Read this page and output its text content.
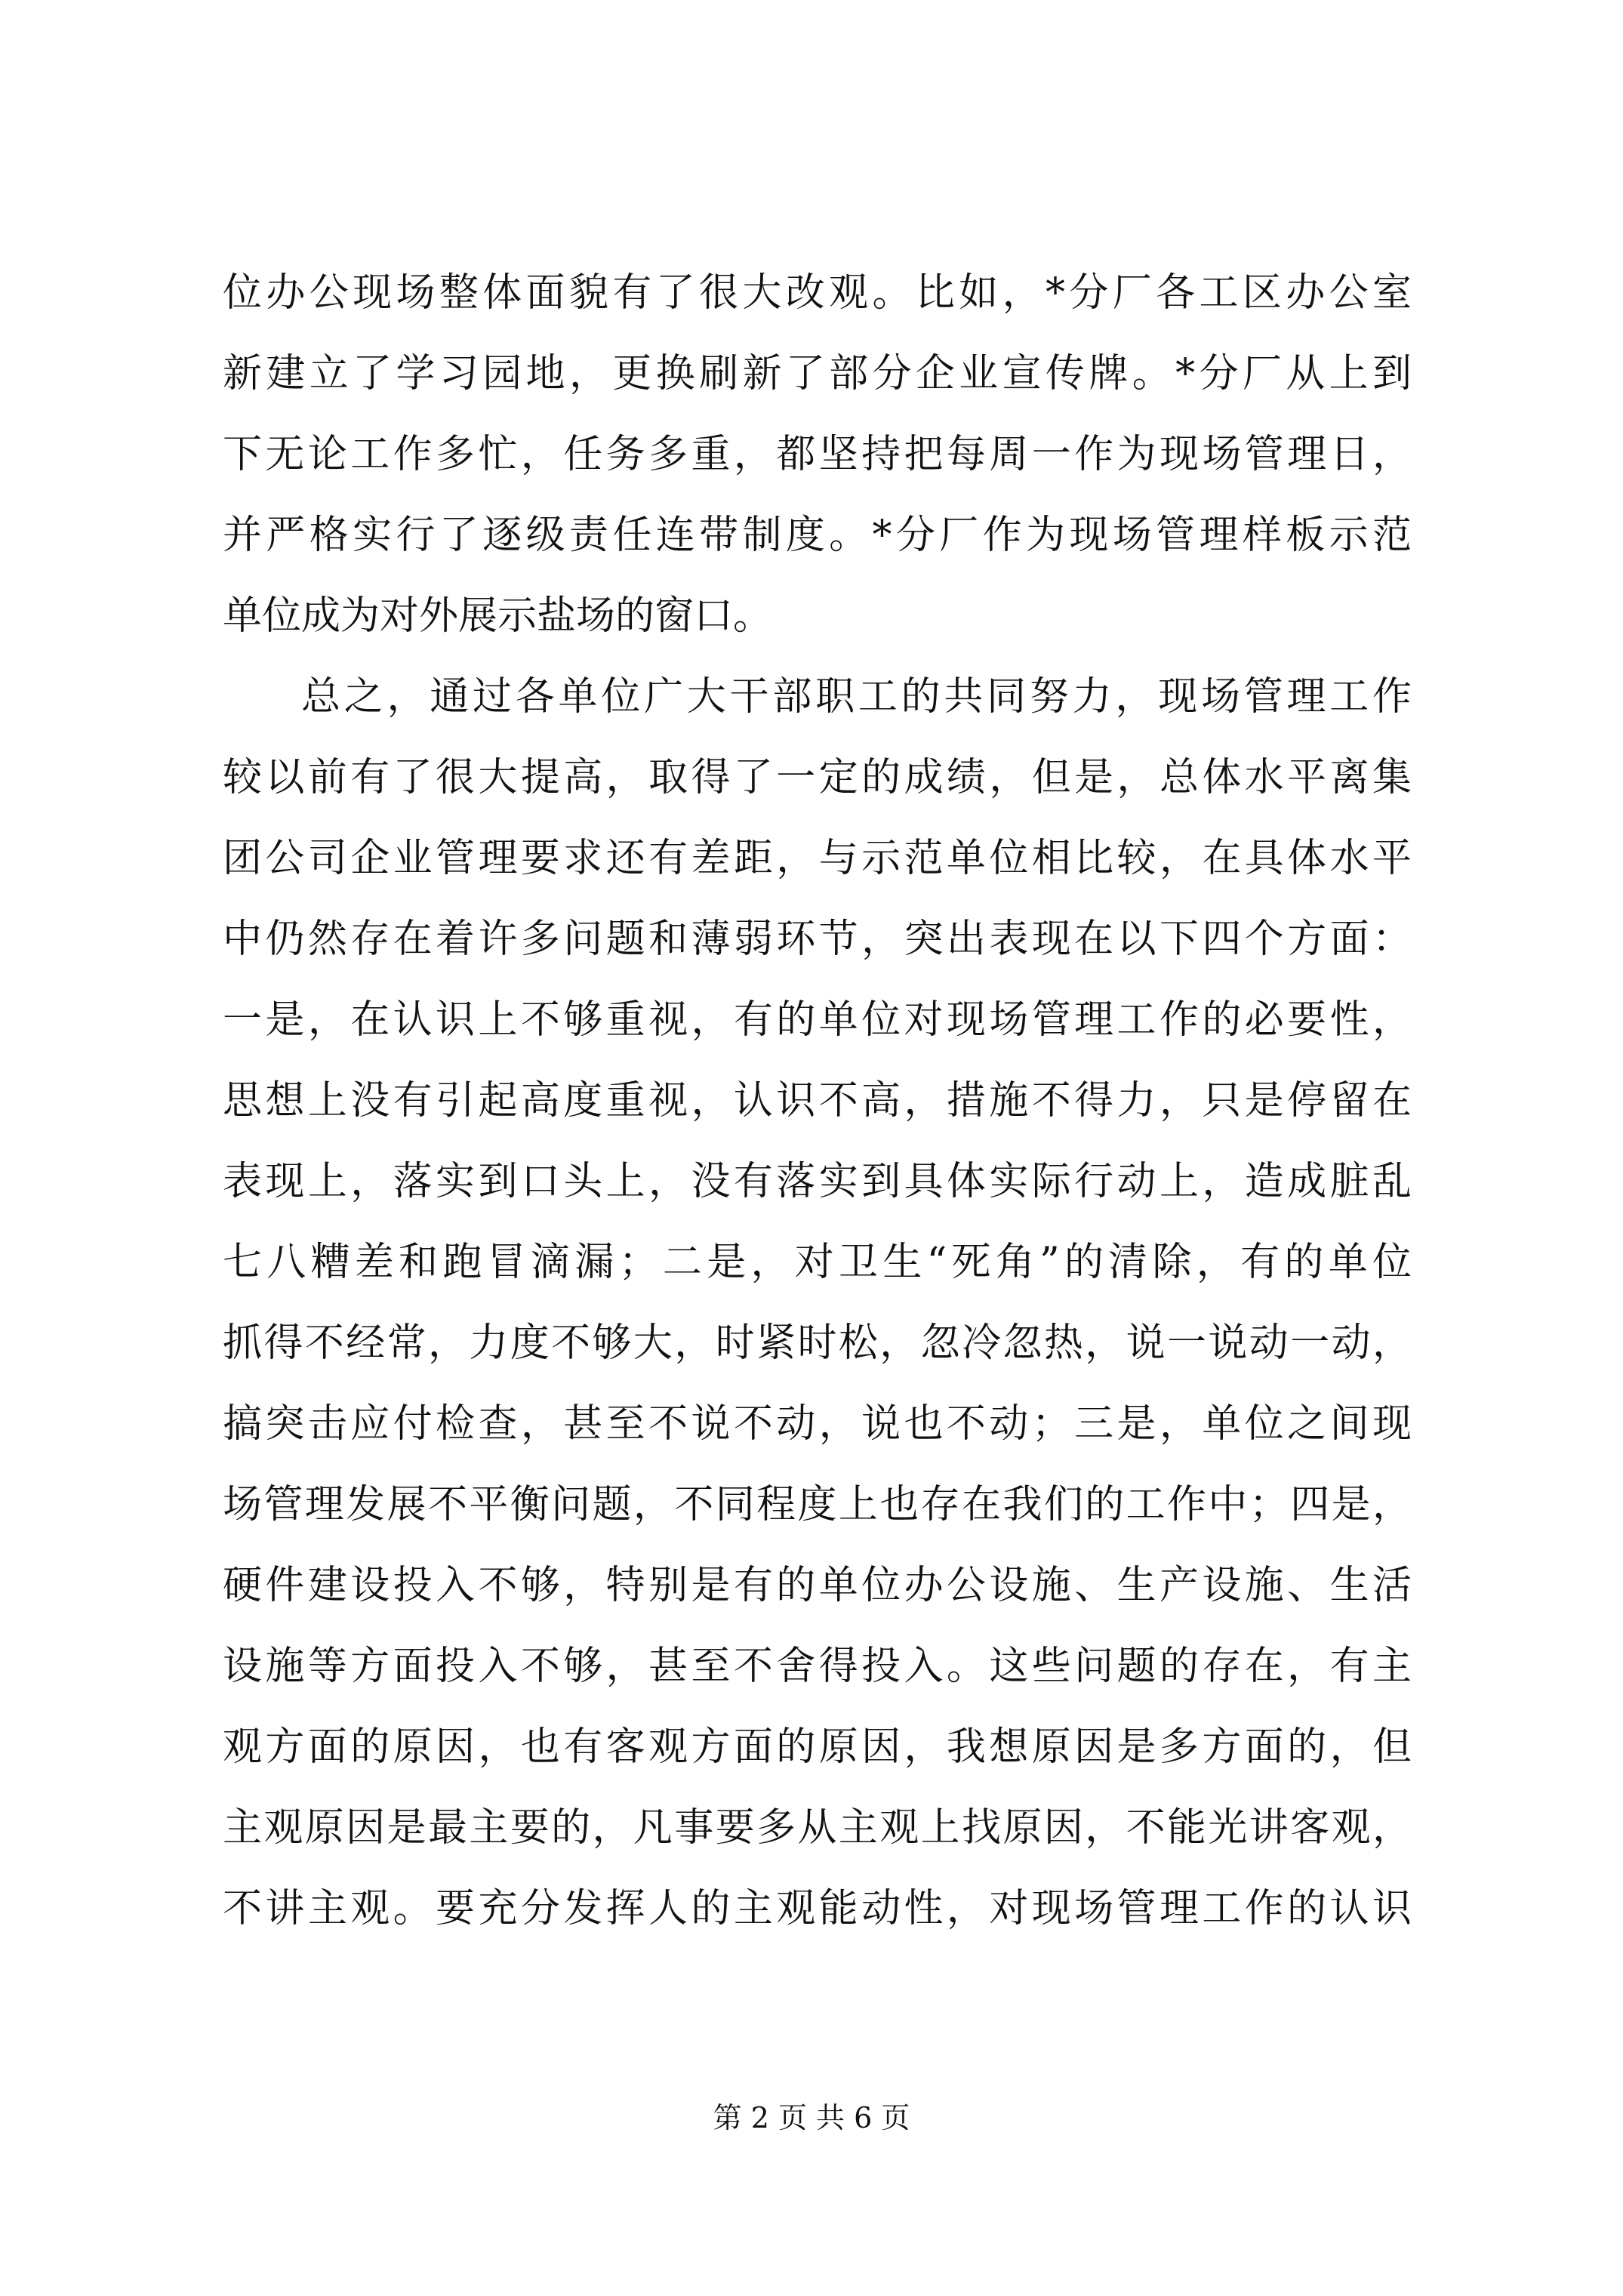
位办公现场整体面貌有了很大改观。比如，*分厂各工区办公室
新建立了学习园地，更换刷新了部分企业宣传牌。*分厂从上到
下无论工作多忙，任务多重，都坚持把每周一作为现场管理日，
并严格实行了逐级责任连带制度。*分厂作为现场管理样板示范
单位成为对外展示盐场的窗口。
总之，通过各单位广大干部职工的共同努力，现场管理工作
较以前有了很大提高，取得了一定的成绩，但是，总体水平离集
团公司企业管理要求还有差距，与示范单位相比较，在具体水平
中仍然存在着许多问题和薄弱环节，突出表现在以下四个方面：
一是，在认识上不够重视，有的单位对现场管理工作的必要性，
思想上没有引起高度重视，认识不高，措施不得力，只是停留在
表现上，落实到口头上，没有落实到具体实际行动上，造成脏乱
七八糟差和跑冒滴漏；二是，对卫生“死角”的清除，有的单位
抓得不经常，力度不够大，时紧时松，忽冷忽热，说一说动一动，
搞突击应付检查，甚至不说不动，说也不动；三是，单位之间现
场管理发展不平衡问题，不同程度上也存在我们的工作中；四是，
硬件建设投入不够，特别是有的单位办公设施、生产设施、生活
设施等方面投入不够，甚至不舍得投入。这些问题的存在，有主
观方面的原因，也有客观方面的原因，我想原因是多方面的，但
主观原因是最主要的，凡事要多从主观上找原因，不能光讲客观，
不讲主观。要充分发挥人的主观能动性，对现场管理工作的认识
第 2 页 共 6 页
